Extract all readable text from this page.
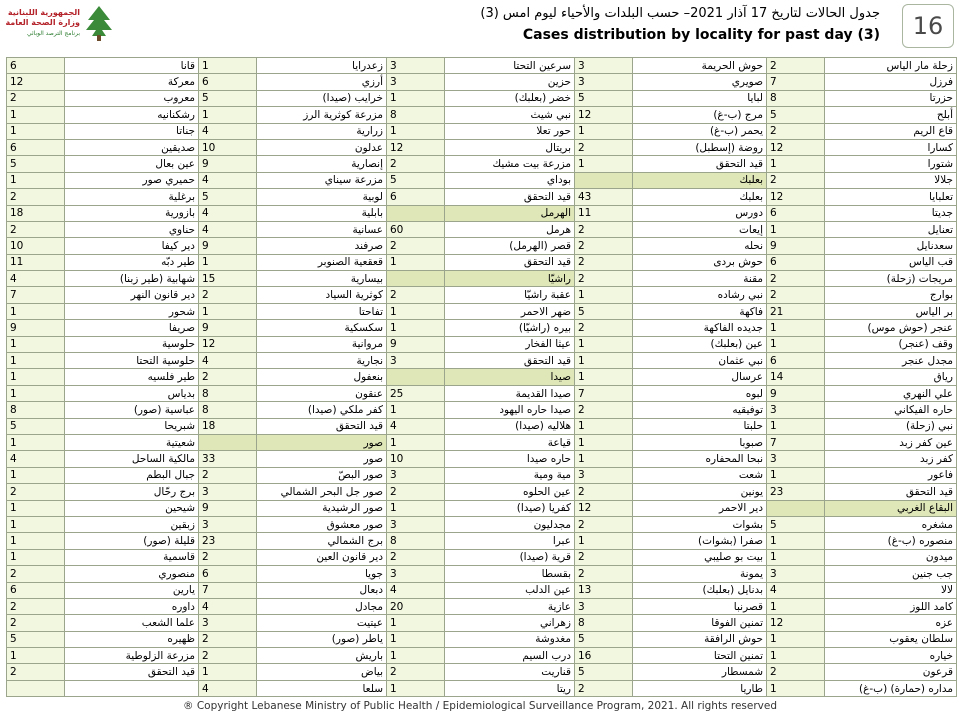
الجمهورية اللبنانية
وزارة الصحة العامة
برنامج الترصد الوبائي
جدول الحالات لتاريخ 17 آذار 2021– حسب البلدات والأحياء ليوم امس (3)
Cases distribution by locality for past day (3)	16
6	قانا	1	زعدرايا	3	سرعين التحتا	3	حوش الحريمة	2	زحلة مار الياس
12	معركة	6	أرزي	3	حزين	3	صويري	7	فرزل
2	معروب	5	خرايب (صيدا)	1	خضر (بعلبك)	5	لبايا	8	حزرتا
1	رشكنانيه	1	مزرعة كوثرية الرز	8	نبي شيث	12	مرج (ب-غ)	5	أبلح
1	جناتا	4	زرارية	1	حور تعلا	1	يحمر (ب-غ)	2	قاع الريم
6	صديقين	10	عدلون	12	بريتال	2	روضة (إسطبل)	12	كسارا
5	عين بعال	9	إنصارية	2	مزرعة بيت مشيك	1	قيد التحقق	1	شتورا
1	حميري صور	4	مزرعة سيناي	5	بوداي		بعلبك	2	جلالا
2	برغلية	5	لوبية	6	قيد التحقق	43	بعلبك	12	تعلبايا
18	بازورية	4	بابلية		الهرمل	11	دورس	6	جديتا
2	حناوي	4	عسانية	60	هرمل	2	إيعات	1	تعنايل
10	دير كيفا	9	صرفند	2	قصر (الهرمل)	2	نحله	9	سعدنايل
11	طير دبّه	1	قعقعية الصنوبر	1	قيد التحقق	2	حوش بردى	6	قب الياس
4	شهابية (طير زبنا)	15	بيسارية		راشيّا	2	مقنة	2	مريجات (زحلة)
7	دير قانون النهر	2	كوثرية السياد	2	عقبة راشيّا	1	نبي رشاده	2	بوارج
1	شحور	1	تفاحتا	1	ضهر الاحمر	5	فاكهة	21	بر الياس
9	صريفا	9	سكسكية	1	بيره (راشيّا)	2	جديده الفاكهة	1	عنجر (حوش موس)
1	حلوسية	12	مروانية	9	عيثا الفخار	1	عين (بعلبك)	1	وقف (عنجر)
1	حلوسية التحتا	4	نجارية	3	قيد التحقق	1	نبي عثمان	6	مجدل عنجر
1	طير فلسيه	2	بنعفول		صيدا	1	عرسال	14	رياق
1	بدياس	8	عنقون	25	صيدا القديمة	7	لبوه	9	علي النهري
8	عباسية (صور)	8	كفر ملكي (صيدا)	1	صيدا حاره اليهود	2	توفيقيه	3	حاره الفيكاني
5	شبريحا	18	قيد التحقق	4	هلاليه (صيدا)	1	حلبتا	1	نبي (زحلة)
1	شعيتية		صور	1	قياعة	1	صبوبا	7	عين كفر زبد
4	مالكية الساحل	33	صور	10	حاره صيدا	1	نبحا المحفاره	3	كفر زبد
1	جبال البطم	2	صور البصّ	3	مية ومية	3	شعت	1	فاعور
2	برج رحّال	3	صور جل البحر الشمالي	2	عين الحلوه	2	يونين	23	قيد التحقق
1	شيحين	9	صور الرشيدية	1	كفريا (صيدا)	12	دير الاحمر		البقاع الغربي
1	زبقين	3	صور معشوق	3	مجدليون	2	بشوات	5	مشغره
1	قليلة (صور)	23	برج الشمالي	8	عبرا	1	صفرا (بشوات)	1	منصوره (ب-غ)
1	قاسمية	2	دير قانون العين	2	قرية (صيدا)	2	بيت بو صليبي	1	ميدون
2	منصوري	6	جويا	3	بقسطا	2	يمونة	3	جب جنين
6	يارين	7	دبعال	4	عين الدلب	13	بدنايل (بعلبك)	4	لالا
2	داوره	4	مجادل	20	عازية	3	قصرنبا	1	كامد اللوز
2	علما الشعب	3	عيتيت	1	زهراني	8	تمنين الفوقا	12	عزه
5	ظهيره	2	ياطر (صور)	1	مغدوشة	5	حوش الرافقة	1	سلطان يعقوب
1	مزرعة الزلوطية	2	باريش	1	درب السيم	16	تمنين التحتا	1	خياره
2	قيد التحقق	1	بياض	2	قناريت	5	شمسطار	2	قرعون
		4	سلعا	1	ريتا	2	طاريا	1	مداره (حمارة) (ب-غ)
® Copyright Lebanese Ministry of Public Health / Epidemiological Surveillance Program, 2021. All rights reserved
